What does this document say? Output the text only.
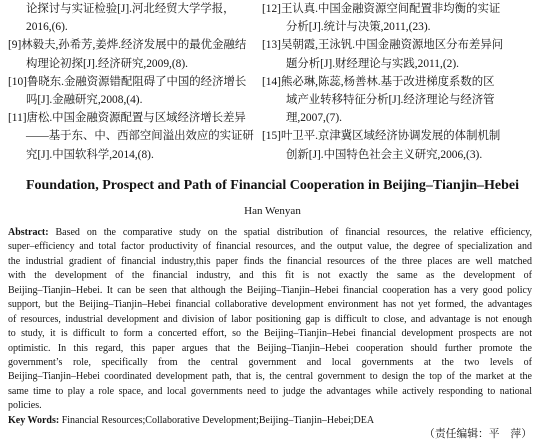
论探讨与实证检验[J].河北经贸大学学报，
2016,(6).
[9]林毅夫,孙希芳,姜烨.经济发展中的最优金融结
构理论初探[J].经济研究,2009,(8).
[10]鲁晓东.金融资源错配阻碍了中国的经济增长
吗[J].金融研究,2008,(4).
[11]唐松.中国金融资源配置与区域经济增长差异
——基于东、中、西部空间溢出效应的实证研
究[J].中国软科学,2014,(8).
[12]王认真.中国金融资源空间配置非均衡的实证
分析[J].统计与决策,2011,(23).
[13]吴朝霞,王泳钒.中国金融资源地区分布差异问
题分析[J].财经理论与实践,2011,(2).
[14]熊必琳,陈蕊,杨善林.基于改进梯度系数的区
域产业转移特征分析[J].经济理论与经济管
理,2007,(7).
[15]叶卫平.京津冀区域经济协调发展的体制机制
创新[J].中国特色社会主义研究,2006,(3).
Foundation, Prospect and Path of Financial Cooperation in Beijing–Tianjin–Hebei
Han Wenyan
Abstract: Based on the comparative study on the spatial distribution of financial resources, the relative efficiency,
super–efficiency and total factor productivity of financial resources, and the output value, the degree of specialization and
the industrial gradient of financial industry,this paper finds the financial resources of the three places are well matched
with the development of the financial industry, and this fit is not exactly the same as the development of
Beijing–Tianjin–Hebei. It can be seen that although the Beijing–Tianjin–Hebei financial cooperation has a very good policy
support, but the Beijing–Tianjin–Hebei financial collaborative development environment has not yet formed, the advantages
of resources, industrial development and division of labor positioning gap is difficult to close, and advantage is not enough
to study, it is difficult to form a concerted effort, so the Beijing–Tianjin–Hebei financial development prospects are not
optimistic. In this regard, this paper argues that the Beijing–Tianjin–Hebei cooperation should further promote the
government’s role, specifically from the central government and local governments at the two levels of
Beijing–Tianjin–Hebei coordinated development path, that is, the central government to design the top of the market at the
same time to play a role space, and local governments need to judge the advantages while actively responding to national
policies.
Key Words: Financial Resources;Collaborative Development;Beijing–Tianjin–Hebei;DEA
（责任编辑：平　萍）
